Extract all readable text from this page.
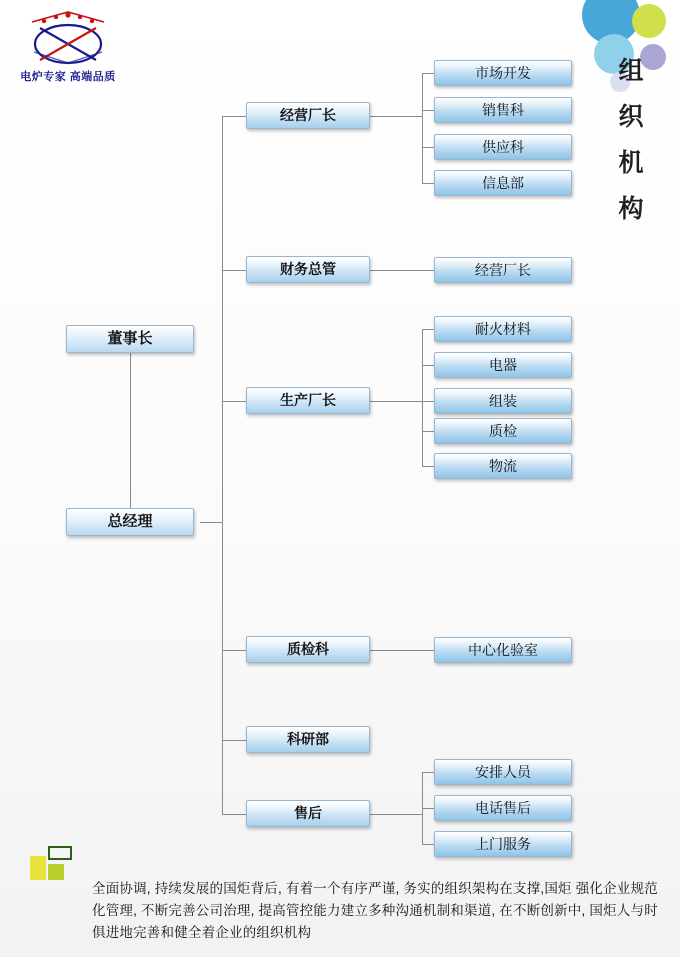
电炉专家 高端品质	组
织
机
构
董事长
总经理
经营厂长
财务总管
生产厂长
质检科
科研部
售后
市场开发
销售科
供应科
信息部
经营厂长
耐火材料
电器
组装
质检
物流
中心化验室
安排人员
电话售后
上门服务
全面协调, 持续发展的国炬背后, 有着一个有序严谨, 务实的组织架构在支撑,国炬 强化企业规范化管理, 不断完善公司治理, 提高管控能力建立多种沟通机制和渠道, 在不断创新中, 国炬人与时俱进地完善和健全着企业的组织机构
